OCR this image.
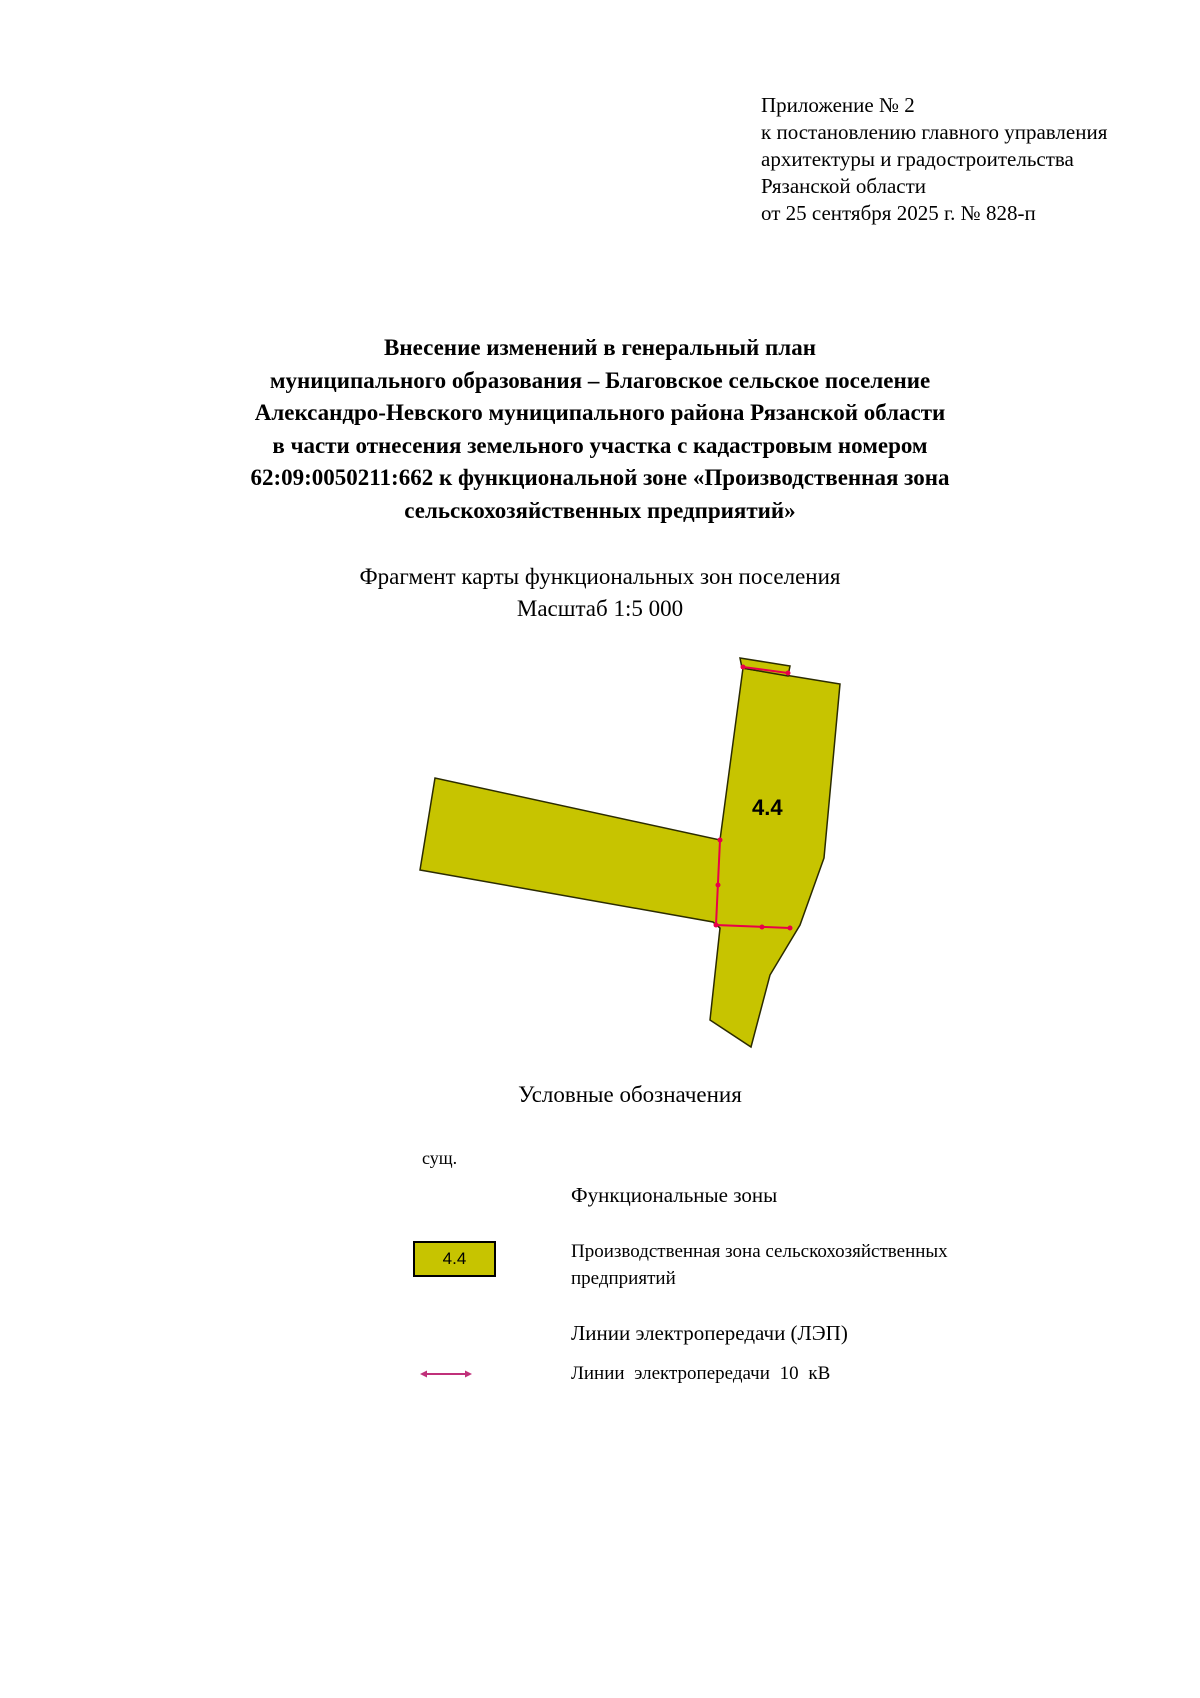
Приложение № 2
к постановлению главного управления
архитектуры и градостроительства
Рязанской области
от 25 сентября 2025 г. № 828-п
Внесение изменений в генеральный план
муниципального образования – Благовское сельское поселение
Александро-Невского муниципального района Рязанской области
в части отнесения земельного участка с кадастровым номером
62:09:0050211:662 к функциональной зоне «Производственная зона
сельскохозяйственных предприятий»
Фрагмент карты функциональных зон поселения
Масштаб 1:5 000
4.4
Условные обозначения
сущ.
Функциональные зоны
4.4	Производственная зона сельскохозяйственных
предприятий
Линии электропередачи (ЛЭП)
Линии электропередачи 10 кВ
